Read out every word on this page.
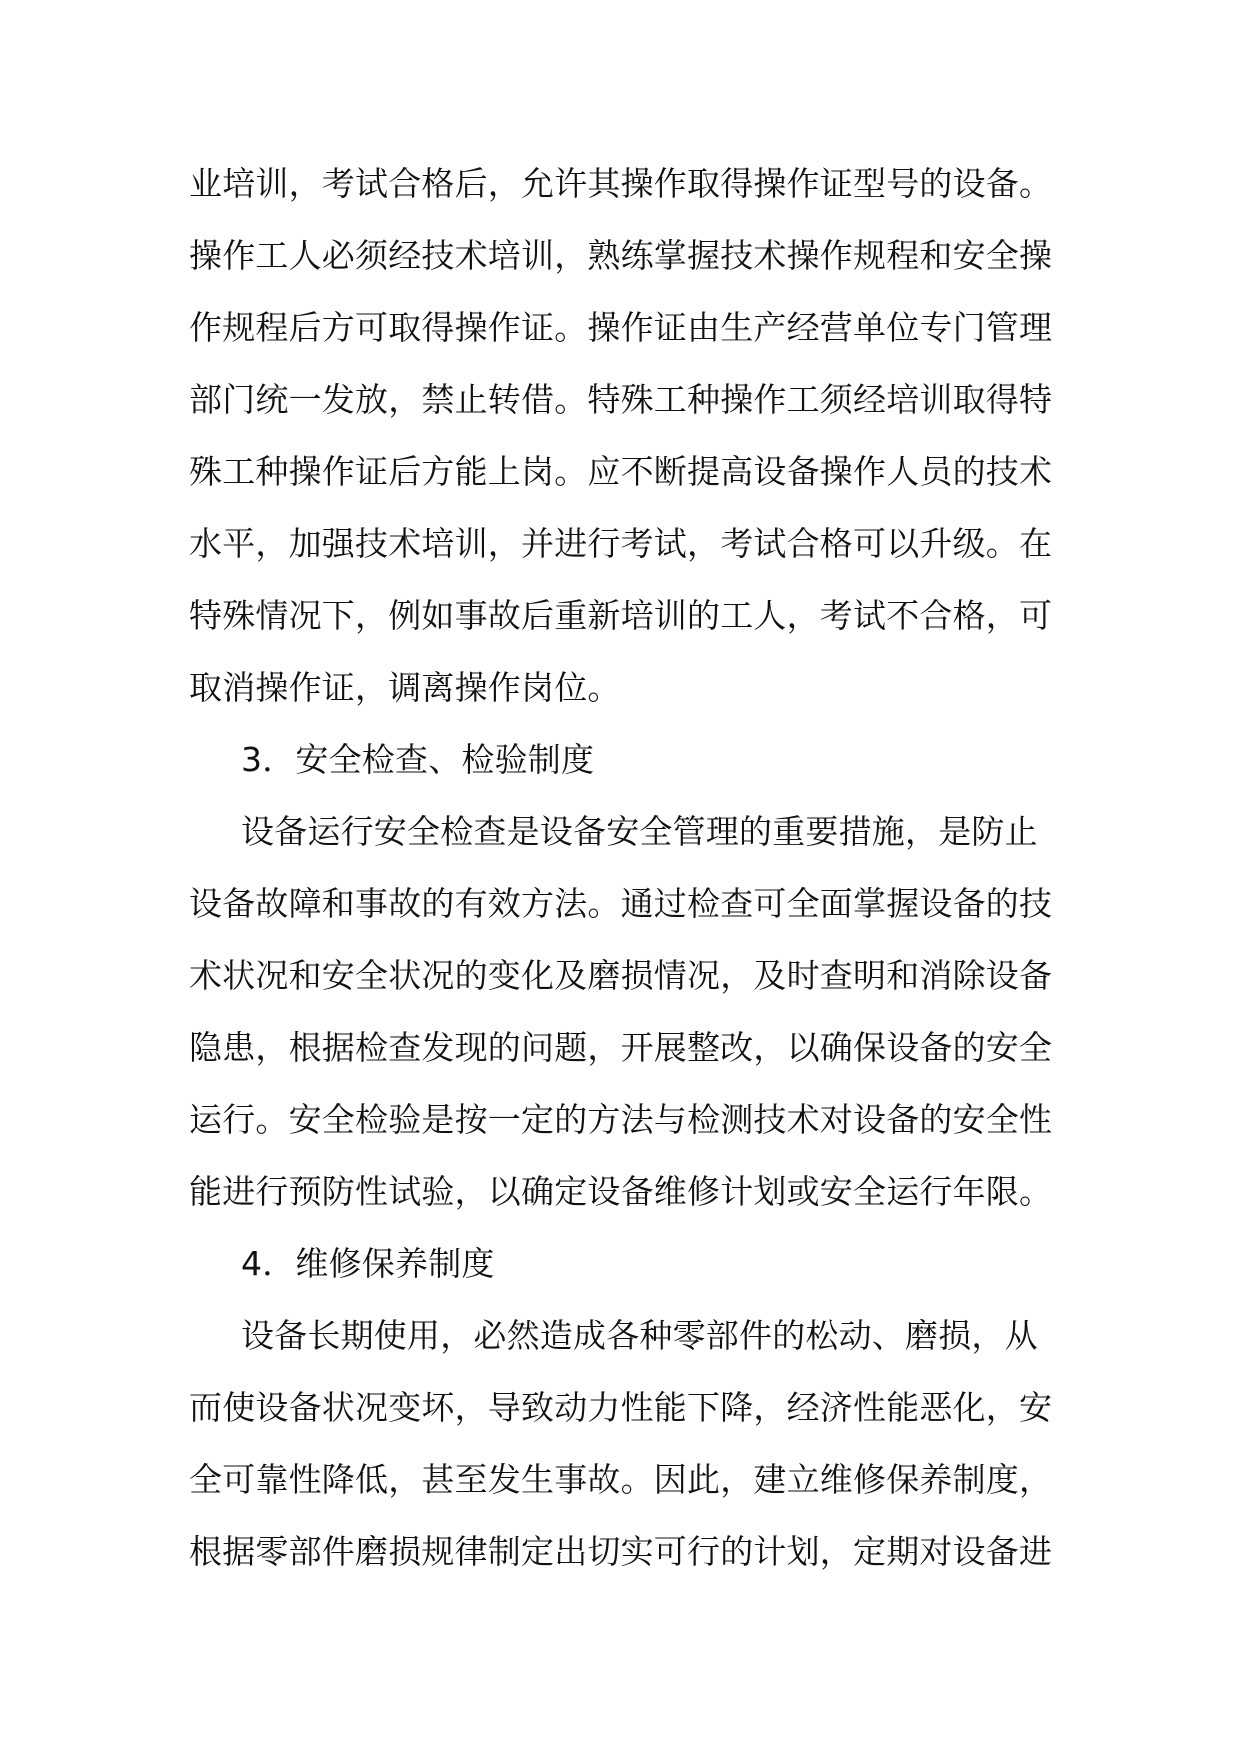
业培训，考试合格后，允许其操作取得操作证型号的设备。
操作工人必须经技术培训，熟练掌握技术操作规程和安全操
作规程后方可取得操作证。操作证由生产经营单位专门管理
部门统一发放，禁止转借。特殊工种操作工须经培训取得特
殊工种操作证后方能上岗。应不断提高设备操作人员的技术
水平，加强技术培训，并进行考试，考试合格可以升级。在
特殊情况下，例如事故后重新培训的工人，考试不合格，可
取消操作证，调离操作岗位。
3．安全检查、检验制度
设备运行安全检查是设备安全管理的重要措施，是防止
设备故障和事故的有效方法。通过检查可全面掌握设备的技
术状况和安全状况的变化及磨损情况，及时查明和消除设备
隐患，根据检查发现的问题，开展整改，以确保设备的安全
运行。安全检验是按一定的方法与检测技术对设备的安全性
能进行预防性试验，以确定设备维修计划或安全运行年限。
4．维修保养制度
设备长期使用，必然造成各种零部件的松动、磨损，从
而使设备状况变坏，导致动力性能下降，经济性能恶化，安
全可靠性降低，甚至发生事故。因此，建立维修保养制度，
根据零部件磨损规律制定出切实可行的计划，定期对设备进
